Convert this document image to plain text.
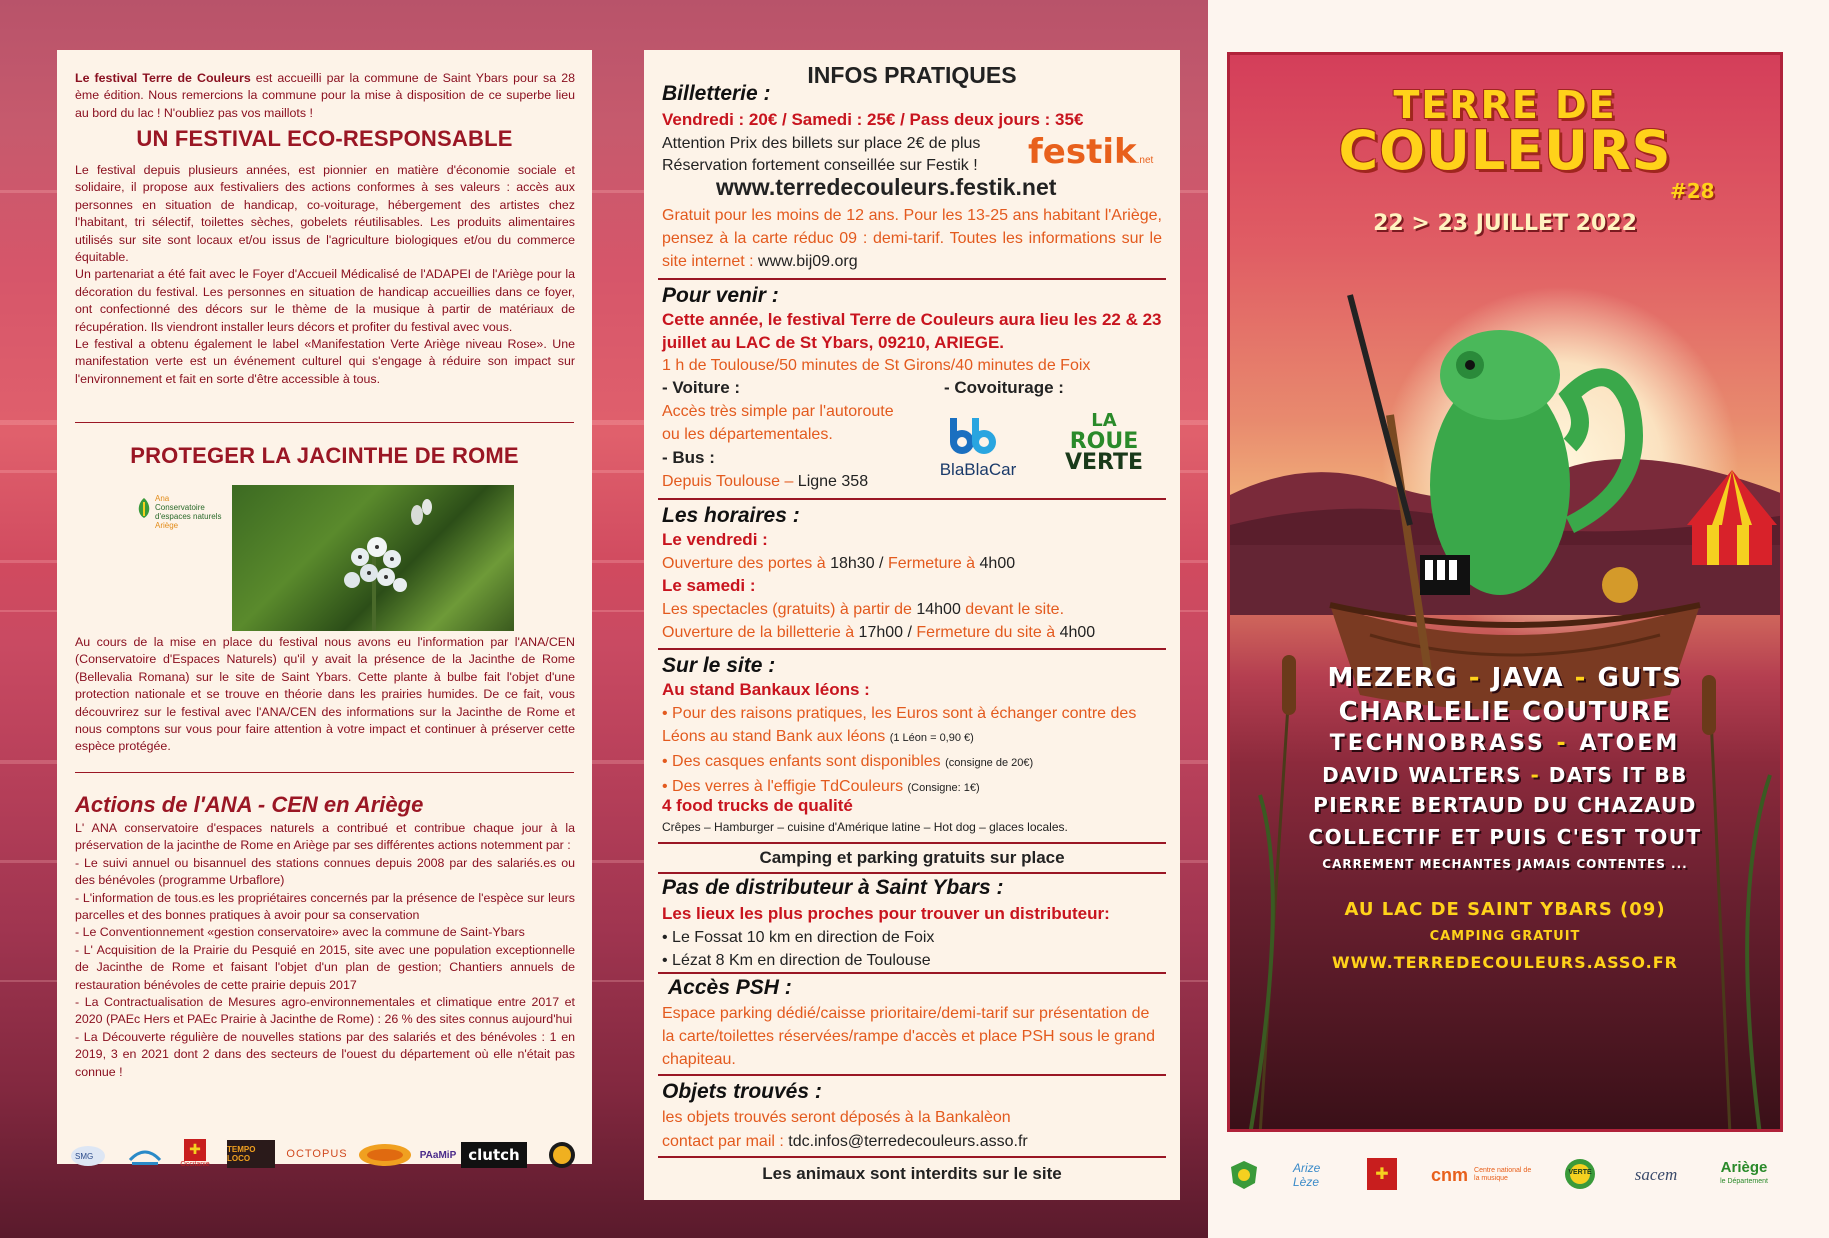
Le festival Terre de Couleurs est accueilli par la commune de Saint Ybars pour sa 28 ème édition. Nous remercions la commune pour la mise à disposition de ce superbe lieu au bord du lac ! N'oubliez pas vos maillots !
UN FESTIVAL ECO-RESPONSABLE
Le festival depuis plusieurs années, est pionnier en matière d'économie sociale et solidaire, il propose aux festivaliers des actions conformes à ses valeurs : accès aux personnes en situation de handicap, co-voiturage, hébergement des artistes chez l'habitant, tri sélectif, toilettes sèches, gobelets réutilisables. Les produits alimentaires utilisés sur site sont locaux et/ou issus de l'agriculture biologiques et/ou du commerce équitable.
Un partenariat a été fait avec le Foyer d'Accueil Médicalisé de l'ADAPEI de l'Ariège pour la décoration du festival. Les personnes en situation de handicap accueillies dans ce foyer, ont confectionné des décors sur le thème de la musique à partir de matériaux de récupération. Ils viendront installer leurs décors et profiter du festival avec vous.
Le festival a obtenu également le label «Manifestation Verte Ariège niveau Rose». Une manifestation verte est un événement culturel qui s'engage à réduire son impact sur l'environnement et fait en sorte d'être accessible à tous.
PROTEGER LA JACINTHE DE ROME
Ana
Conservatoire
d'espaces naturels
Ariège
Au cours de la mise en place du festival nous avons eu l'information par l'ANA/CEN (Conservatoire d'Espaces Naturels) qu'il y avait la présence de la Jacinthe de Rome (Bellevalia Romana) sur le site de Saint Ybars. Cette plante à bulbe fait l'objet d'une protection nationale et se trouve en théorie dans les prairies humides. De ce fait, vous découvrirez sur le festival avec l'ANA/CEN des informations sur la Jacinthe de Rome et nous comptons sur vous pour faire attention à votre impact et continuer à préserver cette espèce protégée.
Actions de l'ANA - CEN en Ariège
L' ANA conservatoire d'espaces naturels a contribué et contribue chaque jour à la préservation de la jacinthe de Rome en Ariège par ses différentes actions notemment par :
- Le suivi annuel ou bisannuel des stations connues depuis 2008 par des salariés.es ou des bénévoles (programme Urbaflore)
- L'information de tous.es les propriétaires concernés par la présence de l'espèce sur leurs parcelles et des bonnes pratiques à avoir pour sa conservation
- Le Conventionnement «gestion conservatoire» avec la commune de Saint-Ybars
- L' Acquisition de la Prairie du Pesquié en 2015, site avec une population exceptionnelle de Jacinthe de Rome et faisant l'objet d'un plan de gestion; Chantiers annuels de restauration bénévoles de cette prairie depuis 2017
- La Contractualisation de Mesures agro-environnementales et climatique entre 2017 et 2020 (PAEc Hers et PAEc Prairie à Jacinthe de Rome) : 26 % des sites connus aujourd'hui
- La Découverte régulière de nouvelles stations par des salariés et des bénévoles : 1 en 2019, 3 en 2021 dont 2 dans des secteurs de l'ouest du département où elle n'était pas connue !
SMG	✚
Occitanie
TEMPO LOCO	OCTOPUS	PAaMiP clutch
INFOS PRATIQUES
Billetterie :
Vendredi : 20€ / Samedi : 25€ / Pass deux jours : 35€
Attention Prix des billets sur place 2€ de plus
Réservation fortement conseillée sur Festik ! festik.net
www.terredecouleurs.festik.net
Gratuit pour les moins de 12 ans. Pour les 13-25 ans habitant l'Ariège, pensez à la carte réduc 09 : demi-tarif. Toutes les informations sur le site internet : www.bij09.org
Pour venir :
Cette année, le festival Terre de Couleurs aura lieu les 22 & 23 juillet au LAC de St Ybars, 09210, ARIEGE.
1 h de Toulouse/50 minutes de St Girons/40 minutes de Foix
- Voiture :	- Covoiturage :
Accès très simple par l'autoroute
ou les départementales.
- Bus :
Depuis Toulouse – Ligne 358
BlaBlaCar
LA
ROUE
VERTE
Les horaires :
Le vendredi :
Ouverture des portes à 18h30 / Fermeture à 4h00
Le samedi :
Les spectacles (gratuits) à partir de 14h00 devant le site.
Ouverture de la billetterie à 17h00 / Fermeture du site à 4h00
Sur le site :
Au stand Bankaux léons :
• Pour des raisons pratiques, les Euros sont à échanger contre des Léons au stand Bank aux léons (1 Léon = 0,90 €)
• Des casques enfants sont disponibles (consigne de 20€)
• Des verres à l'effigie TdCouleurs (Consigne: 1€)
4 food trucks de qualité
Crêpes – Hamburger – cuisine d'Amérique latine – Hot dog – glaces locales.
Camping et parking gratuits sur place
Pas de distributeur à Saint Ybars :
Les lieux les plus proches pour trouver un distributeur:
• Le Fossat 10 km en direction de Foix
• Lézat 8 Km en direction de Toulouse
Accès PSH :
Espace parking dédié/caisse prioritaire/demi-tarif sur présentation de la carte/toilettes réservées/rampe d'accès et place PSH sous le grand chapiteau.
Objets trouvés :
les objets trouvés seront déposés à la Bankalèon
contact par mail : tdc.infos@terredecouleurs.asso.fr
Les animaux sont interdits sur le site
TERRE DE
COULEURS
#28
22 > 23 JUILLET 2022
MEZERG - JAVA - GUTS
CHARLELIE COUTURE
TECHNOBRASS - ATOEM
DAVID WALTERS - DATS IT BB
PIERRE BERTAUD DU CHAZAUD
COLLECTIF ET PUIS C'EST TOUT
CARREMENT MECHANTES JAMAIS CONTENTES ...
AU LAC DE SAINT YBARS (09)
CAMPING GRATUIT
WWW.TERREDECOULEURS.ASSO.FR
Arize Lèze	✚	cnm Centre national de la musique
VERTE	sacem	Ariège
le Département
